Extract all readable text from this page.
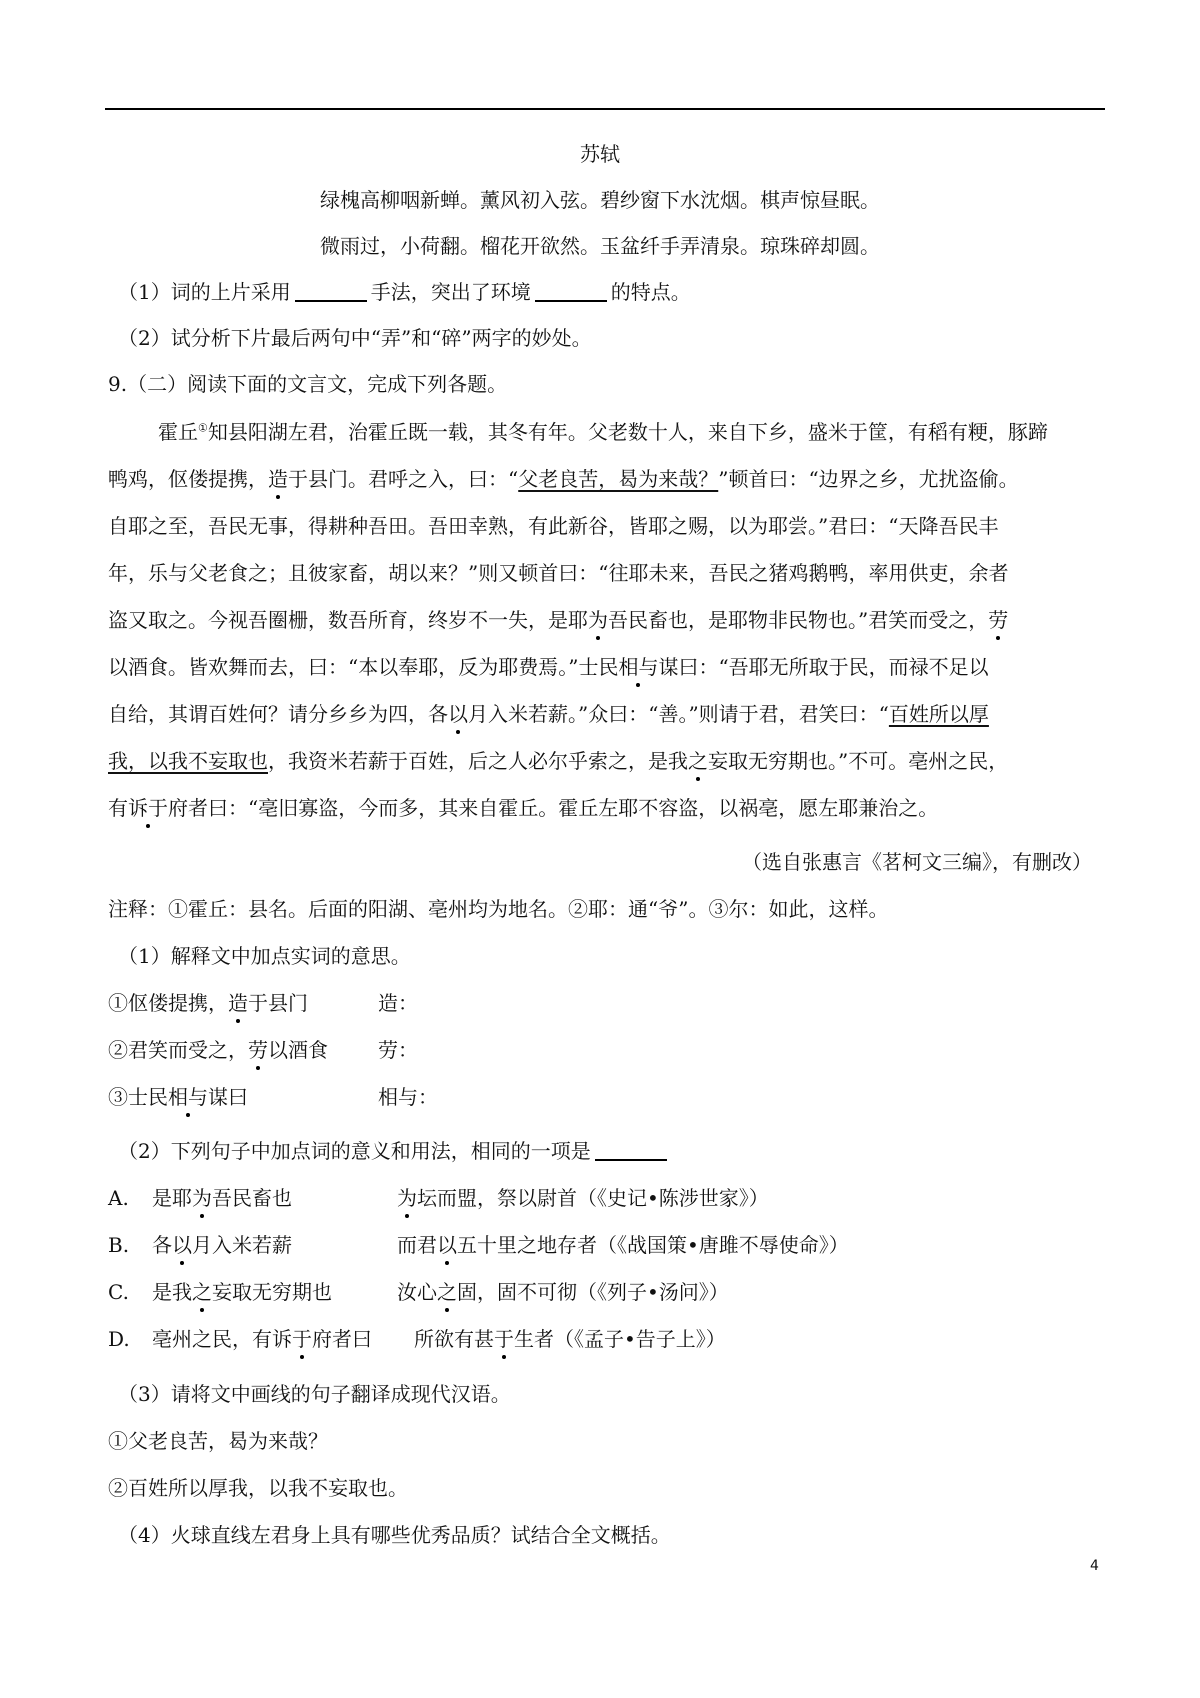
苏轼
绿槐高柳咽新蝉。薰风初入弦。碧纱窗下水沈烟。棋声惊昼眠。
微雨过，小荷翻。榴花开欲然。玉盆纤手弄清泉。琼珠碎却圆。
（1）词的上片采用	手法，突出了环境	的特点。
（2）试分析下片最后两句中“弄”和“碎”两字的妙处。
9.（二）阅读下面的文言文，完成下列各题。
霍丘①知县阳湖左君，治霍丘既一载，其冬有年。父老数十人，来自下乡，盛米于筐，有稻有粳，豚蹄
鸭鸡，伛偻提携，造于县门。君呼之入，曰：“父老良苦，曷为来哉？”顿首曰：“边界之乡，尤扰盗偷。
自耶之至，吾民无事，得耕种吾田。吾田幸熟，有此新谷，皆耶之赐，以为耶尝。”君曰：“天降吾民丰
年，乐与父老食之；且彼家畜，胡以来？”则又顿首曰：“往耶未来，吾民之猪鸡鹅鸭，率用供吏，余者
盗又取之。今视吾圈栅，数吾所育，终岁不一失，是耶为吾民畜也，是耶物非民物也。”君笑而受之，劳
以酒食。皆欢舞而去，曰：“本以奉耶，反为耶费焉。”士民相与谋曰：“吾耶无所取于民，而禄不足以
自给，其谓百姓何？请分乡乡为四，各以月入米若薪。”众曰：“善。”则请于君，君笑曰：“百姓所以厚
我，以我不妄取也，我资米若薪于百姓，后之人必尔乎索之，是我之妄取无穷期也。”不可。亳州之民，
有诉于府者曰：“亳旧寡盗，今而多，其来自霍丘。霍丘左耶不容盗，以祸亳，愿左耶兼治之。
（选自张惠言《茗柯文三编》，有删改）
注释：①霍丘：县名。后面的阳湖、亳州均为地名。②耶：通“爷”。③尔：如此，这样。
（1）解释文中加点实词的意思。
①伛偻提携，造于县门	造：
②君笑而受之，劳以酒食	劳：
③士民相与谋曰	相与：
（2）下列句子中加点词的意义和用法，相同的一项是
A. 是耶为吾民畜也	为坛而盟，祭以尉首（《史记•陈涉世家》）
B. 各以月入米若薪	而君以五十里之地存者（《战国策•唐雎不辱使命》）
C. 是我之妄取无穷期也	汝心之固，固不可彻（《列子•汤问》）
D. 亳州之民，有诉于府者曰 所欲有甚于生者（《孟子•告子上》）
（3）请将文中画线的句子翻译成现代汉语。
①父老良苦，曷为来哉？
②百姓所以厚我，以我不妄取也。
（4）火球直线左君身上具有哪些优秀品质？试结合全文概括。
4
